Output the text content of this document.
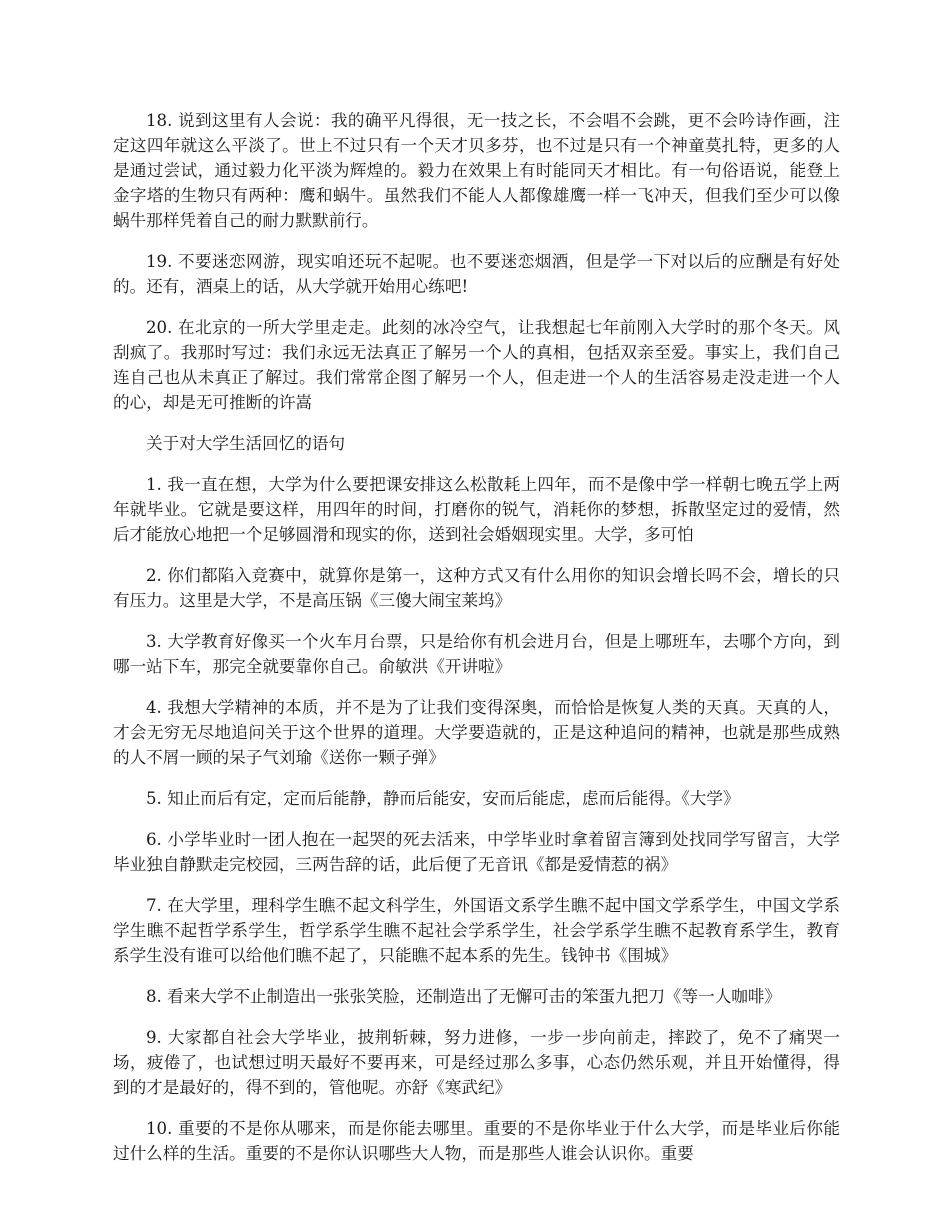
18. 说到这里有人会说：我的确平凡得很，无一技之长，不会唱不会跳，更不会吟诗作画，注定这四年就这么平淡了。世上不过只有一个天才贝多芬，也不过是只有一个神童莫扎特，更多的人是通过尝试，通过毅力化平淡为辉煌的。毅力在效果上有时能同天才相比。有一句俗语说，能登上金字塔的生物只有两种：鹰和蜗牛。虽然我们不能人人都像雄鹰一样一飞冲天，但我们至少可以像蜗牛那样凭着自己的耐力默默前行。

19. 不要迷恋网游，现实咱还玩不起呢。也不要迷恋烟酒，但是学一下对以后的应酬是有好处的。还有，酒桌上的话，从大学就开始用心练吧!

20. 在北京的一所大学里走走。此刻的冰冷空气，让我想起七年前刚入大学时的那个冬天。风刮疯了。我那时写过：我们永远无法真正了解另一个人的真相，包括双亲至爱。事实上，我们自己连自己也从未真正了解过。我们常常企图了解另一个人，但走进一个人的生活容易走没走进一个人的心，却是无可推断的许嵩

关于对大学生活回忆的语句

1. 我一直在想，大学为什么要把课安排这么松散耗上四年，而不是像中学一样朝七晚五学上两年就毕业。它就是要这样，用四年的时间，打磨你的锐气，消耗你的梦想，拆散坚定过的爱情，然后才能放心地把一个足够圆滑和现实的你，送到社会婚姻现实里。大学，多可怕

2. 你们都陷入竞赛中，就算你是第一，这种方式又有什么用你的知识会增长吗不会，增长的只有压力。这里是大学，不是高压锅《三傻大闹宝莱坞》

3. 大学教育好像买一个火车月台票，只是给你有机会进月台，但是上哪班车，去哪个方向，到哪一站下车，那完全就要靠你自己。俞敏洪《开讲啦》

4. 我想大学精神的本质，并不是为了让我们变得深奥，而恰恰是恢复人类的天真。天真的人，才会无穷无尽地追问关于这个世界的道理。大学要造就的，正是这种追问的精神，也就是那些成熟的人不屑一顾的呆子气刘瑜《送你一颗子弹》

5. 知止而后有定，定而后能静，静而后能安，安而后能虑，虑而后能得。《大学》

6. 小学毕业时一团人抱在一起哭的死去活来，中学毕业时拿着留言簿到处找同学写留言，大学毕业独自静默走完校园，三两告辞的话，此后便了无音讯《都是爱情惹的祸》

7. 在大学里，理科学生瞧不起文科学生，外国语文系学生瞧不起中国文学系学生，中国文学系学生瞧不起哲学系学生，哲学系学生瞧不起社会学系学生，社会学系学生瞧不起教育系学生，教育系学生没有谁可以给他们瞧不起了，只能瞧不起本系的先生。钱钟书《围城》

8. 看来大学不止制造出一张张笑脸，还制造出了无懈可击的笨蛋九把刀《等一人咖啡》

9. 大家都自社会大学毕业，披荆斩棘，努力进修，一步一步向前走，摔跤了，免不了痛哭一场，疲倦了，也试想过明天最好不要再来，可是经过那么多事，心态仍然乐观，并且开始懂得，得到的才是最好的，得不到的，管他呢。亦舒《寒武纪》

10. 重要的不是你从哪来，而是你能去哪里。重要的不是你毕业于什么大学，而是毕业后你能过什么样的生活。重要的不是你认识哪些大人物，而是那些人谁会认识你。重要
